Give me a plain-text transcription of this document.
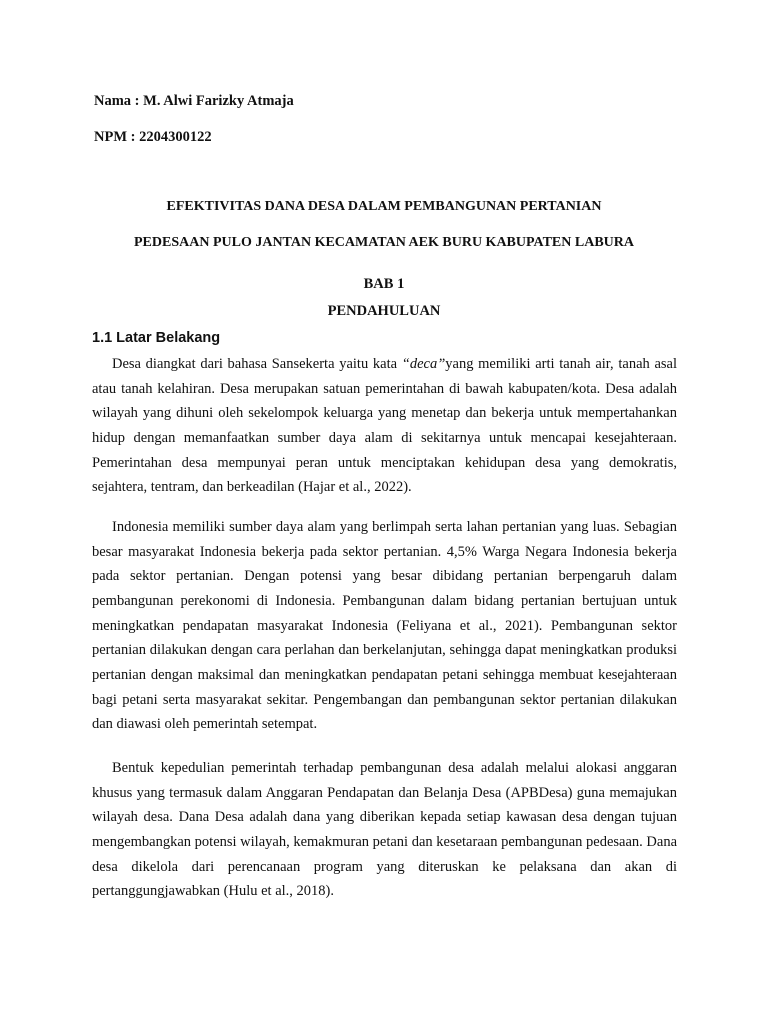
Nama : M. Alwi Farizky Atmaja
NPM : 2204300122
EFEKTIVITAS DANA DESA DALAM PEMBANGUNAN PERTANIAN
PEDESAAN PULO JANTAN KECAMATAN AEK BURU KABUPATEN LABURA
BAB 1
PENDAHULUAN
1.1 Latar Belakang

Desa diangkat dari bahasa Sansekerta yaitu kata “deca”yang memiliki arti tanah air, tanah asal atau tanah kelahiran. Desa merupakan satuan pemerintahan di bawah kabupaten/kota. Desa adalah wilayah yang dihuni oleh sekelompok keluarga yang menetap dan bekerja untuk mempertahankan hidup dengan memanfaatkan sumber daya alam di sekitarnya untuk mencapai kesejahteraan. Pemerintahan desa mempunyai peran untuk menciptakan kehidupan desa yang demokratis, sejahtera, tentram, dan berkeadilan (Hajar et al., 2022).

Indonesia memiliki sumber daya alam yang berlimpah serta lahan pertanian yang luas. Sebagian besar masyarakat Indonesia bekerja pada sektor pertanian. 4,5% Warga Negara Indonesia bekerja pada sektor pertanian. Dengan potensi yang besar dibidang pertanian berpengaruh dalam pembangunan perekonomi di Indonesia. Pembangunan dalam bidang pertanian bertujuan untuk meningkatkan pendapatan masyarakat Indonesia (Feliyana et al., 2021). Pembangunan sektor pertanian dilakukan dengan cara perlahan dan berkelanjutan, sehingga dapat meningkatkan produksi pertanian dengan maksimal dan meningkatkan pendapatan petani sehingga membuat kesejahteraan bagi petani serta masyarakat sekitar. Pengembangan dan pembangunan sektor pertanian dilakukan dan diawasi oleh pemerintah setempat.

Bentuk kepedulian pemerintah terhadap pembangunan desa adalah melalui alokasi anggaran khusus yang termasuk dalam Anggaran Pendapatan dan Belanja Desa (APBDesa) guna memajukan wilayah desa. Dana Desa adalah dana yang diberikan kepada setiap kawasan desa dengan tujuan mengembangkan potensi wilayah, kemakmuran petani dan kesetaraan pembangunan pedesaan. Dana desa dikelola dari perencanaan program yang diteruskan ke pelaksana dan akan di pertanggungjawabkan (Hulu et al., 2018).
